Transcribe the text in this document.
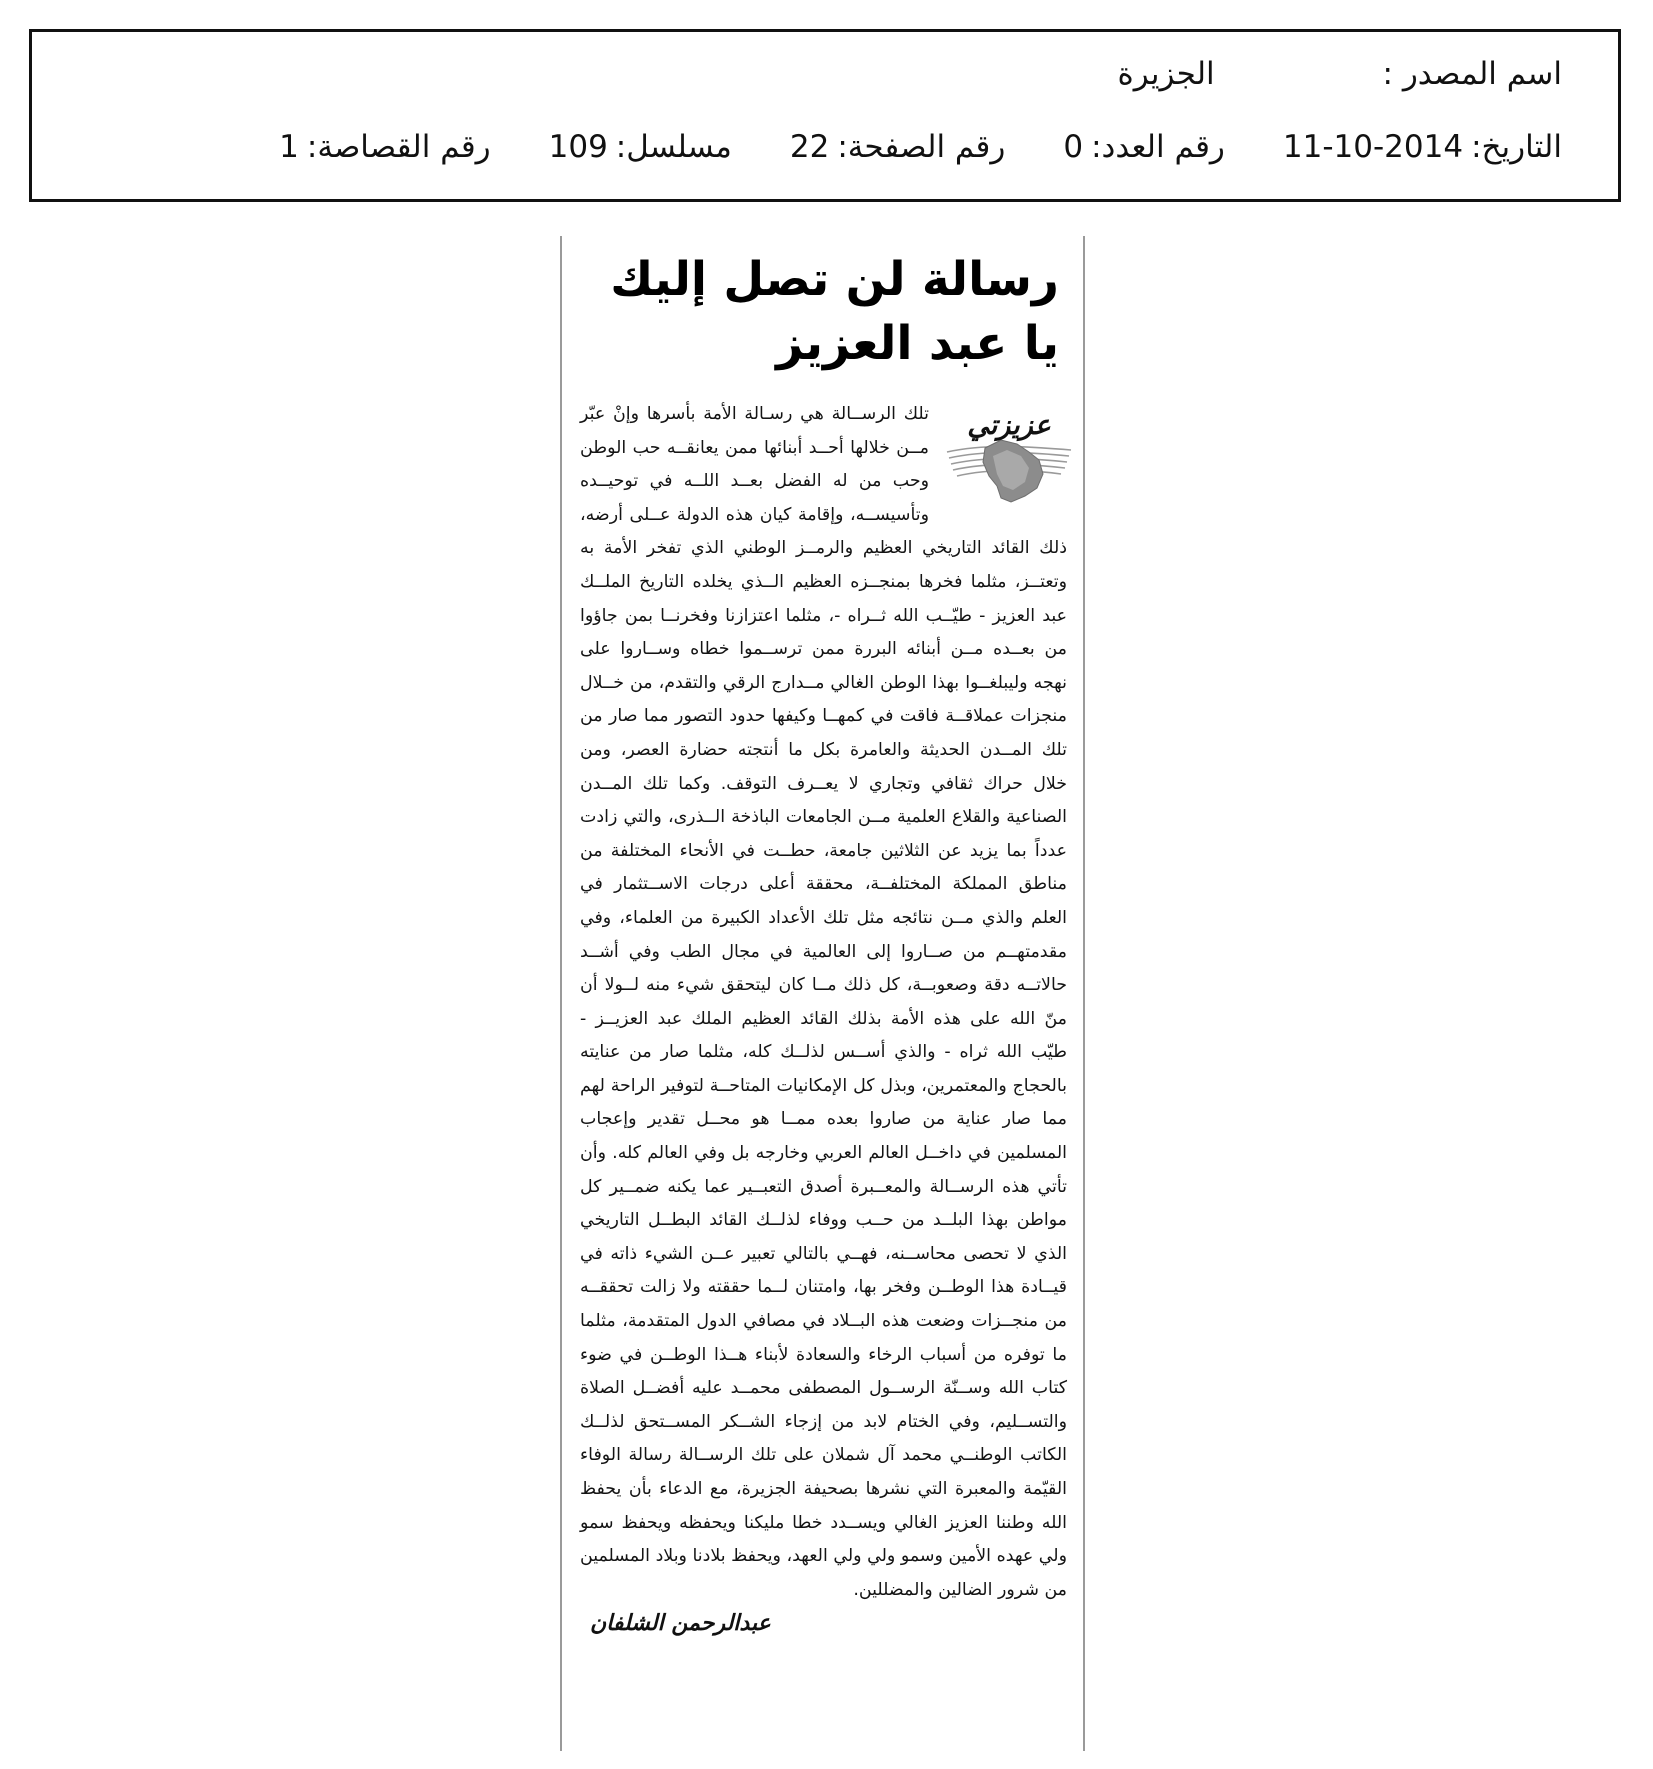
اسم المصدر : الجزيرة
التاريخ:2014-10-11رقم العدد:0رقم الصفحة:22مسلسل:109رقم القصاصة:1
رسالة لن تصل إليك
يا عبد العزيز
عزيزتي

تلك الرســالة هي رسـالة الأمة بأسرها وإنْ عبّر مــن خلالها أحــد أبنائها ممن يعانقــه حب الوطن وحب من له الفضل بعــد اللــه في توحيــده وتأسيســه، وإقامة كيان هذه الدولة عــلى أرضه، ذلك القائد التاريخي العظيم والرمــز الوطني الذي تفخر الأمة به وتعتــز، مثلما فخرها بمنجــزه العظيم الــذي يخلده التاريخ الملــك عبد العزيز - طيّــب الله ثــراه -، مثلما اعتزازنا وفخرنــا بمن جاؤوا من بعــده مــن أبنائه البررة ممن ترســموا خطاه وســاروا على نهجه وليبلغــوا بهذا الوطن الغالي مــدارج الرقي والتقدم، من خــلال منجزات عملاقــة فاقت في كمهــا وكيفها حدود التصور مما صار من تلك المــدن الحديثة والعامرة بكل ما أنتجته حضارة العصر، ومن خلال حراك ثقافي وتجاري لا يعــرف التوقف. وكما تلك المــدن الصناعية والقلاع العلمية مــن الجامعات الباذخة الــذرى، والتي زادت عدداً بما يزيد عن الثلاثين جامعة، حطــت في الأنحاء المختلفة من مناطق المملكة المختلفــة، محققة أعلى درجات الاســتثمار في العلم والذي مــن نتائجه مثل تلك الأعداد الكبيرة من العلماء، وفي مقدمتهــم من صــاروا إلى العالمية في مجال الطب وفي أشــد حالاتــه دقة وصعوبــة، كل ذلك مــا كان ليتحقق شيء منه لــولا أن منّ الله على هذه الأمة بذلك القائد العظيم الملك عبد العزيــز - طيّب الله ثراه - والذي أســس لذلــك كله، مثلما صار من عنايته بالحجاج والمعتمرين، وبذل كل الإمكانيات المتاحــة لتوفير الراحة لهم مما صار عناية من صاروا بعده ممــا هو محــل تقدير وإعجاب المسلمين في داخــل العالم العربي وخارجه بل وفي العالم كله. وأن تأتي هذه الرســالة والمعــبرة أصدق التعبــير عما يكنه ضمــير كل مواطن بهذا البلــد من حــب ووفاء لذلــك القائد البطــل التاريخي الذي لا تحصى محاســنه، فهــي بالتالي تعبير عــن الشيء ذاته في قيــادة هذا الوطــن وفخر بها، وامتنان لــما حققته ولا زالت تحققــه من منجــزات وضعت هذه البــلاد في مصافي الدول المتقدمة، مثلما ما توفره من أسباب الرخاء والسعادة لأبناء هــذا الوطــن في ضوء كتاب الله وســنّة الرســول المصطفى محمــد عليه أفضــل الصلاة والتســليم، وفي الختام لابد من إزجاء الشــكر المســتحق لذلــك الكاتب الوطنــي محمد آل شملان على تلك الرســالة رسالة الوفاء القيّمة والمعبرة التي نشرها بصحيفة الجزيرة، مع الدعاء بأن يحفظ الله وطننا العزيز الغالي ويســدد خطا مليكنا ويحفظه ويحفظ سمو ولي عهده الأمين وسمو ولي ولي العهد، ويحفظ بلادنا وبلاد المسلمين من شرور الضالين والمضللين.

عبدالرحمن الشلفان
